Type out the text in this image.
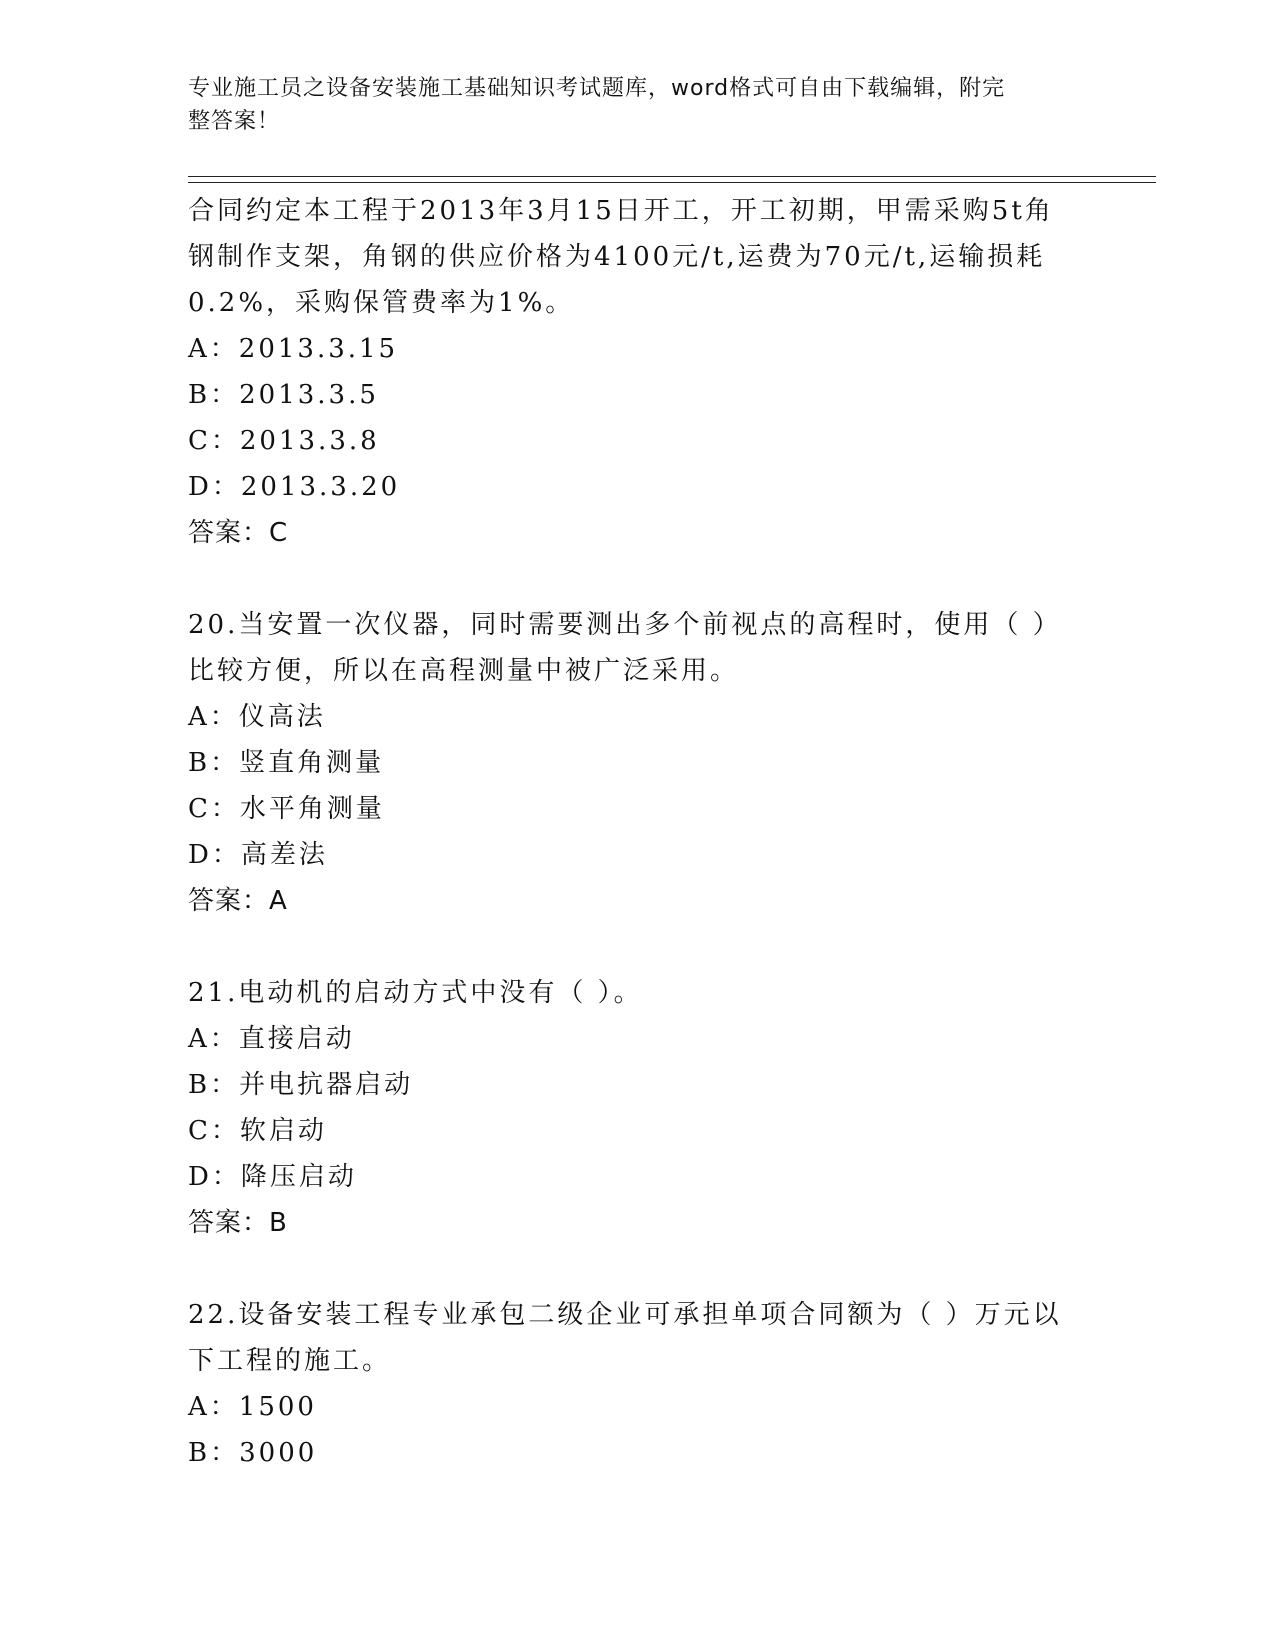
专业施工员之设备安装施工基础知识考试题库，word格式可自由下载编辑，附完
整答案！
合同约定本工程于2013年3月15日开工，开工初期，甲需采购5t角
钢制作支架，角钢的供应价格为4100元/t,运费为70元/t,运输损耗
0.2%，采购保管费率为1%。
A：2013.3.15
B：2013.3.5
C：2013.3.8
D：2013.3.20
答案：C
20.当安置一次仪器，同时需要测出多个前视点的高程时，使用（ ）
比较方便，所以在高程测量中被广泛采用。
A：仪高法
B：竖直角测量
C：水平角测量
D：高差法
答案：A
21.电动机的启动方式中没有（ ）。
A：直接启动
B：并电抗器启动
C：软启动
D：降压启动
答案：B
22.设备安装工程专业承包二级企业可承担单项合同额为（ ）万元以
下工程的施工。
A：1500
B：3000
